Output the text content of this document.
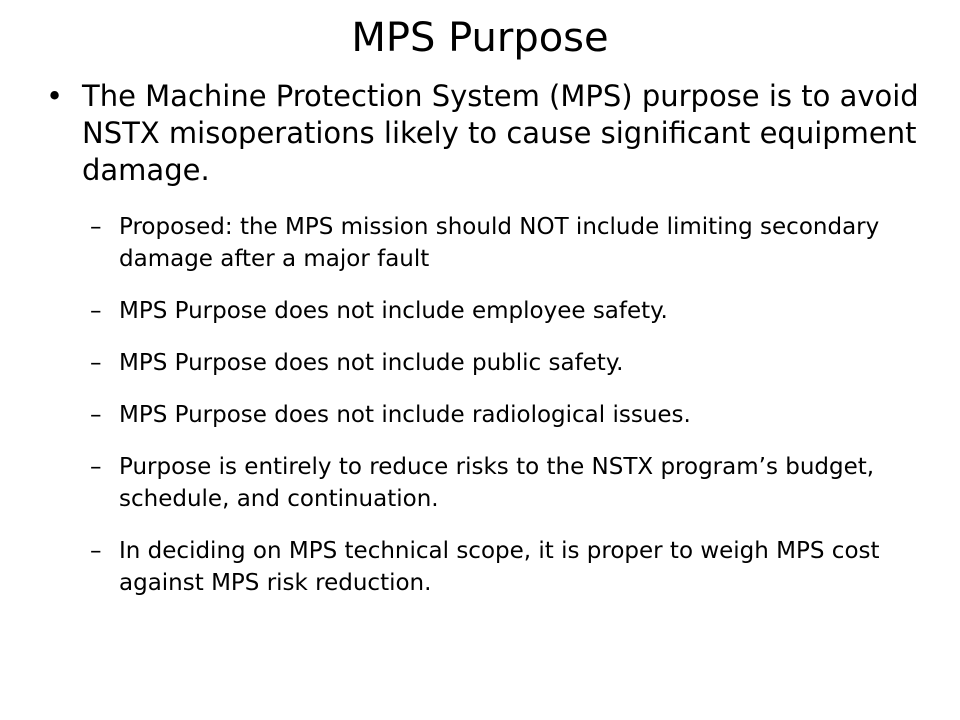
MPS Purpose
• The Machine Protection System (MPS) purpose is to avoid NSTX misoperations likely to cause significant equipment damage.
– Proposed: the MPS mission should NOT include limiting secondary damage after a major fault
– MPS Purpose does not include employee safety.
– MPS Purpose does not include public safety.
– MPS Purpose does not include radiological issues.
– Purpose is entirely to reduce risks to the NSTX program’s budget, schedule, and continuation.
– In deciding on MPS technical scope, it is proper to weigh MPS cost against MPS risk reduction.
